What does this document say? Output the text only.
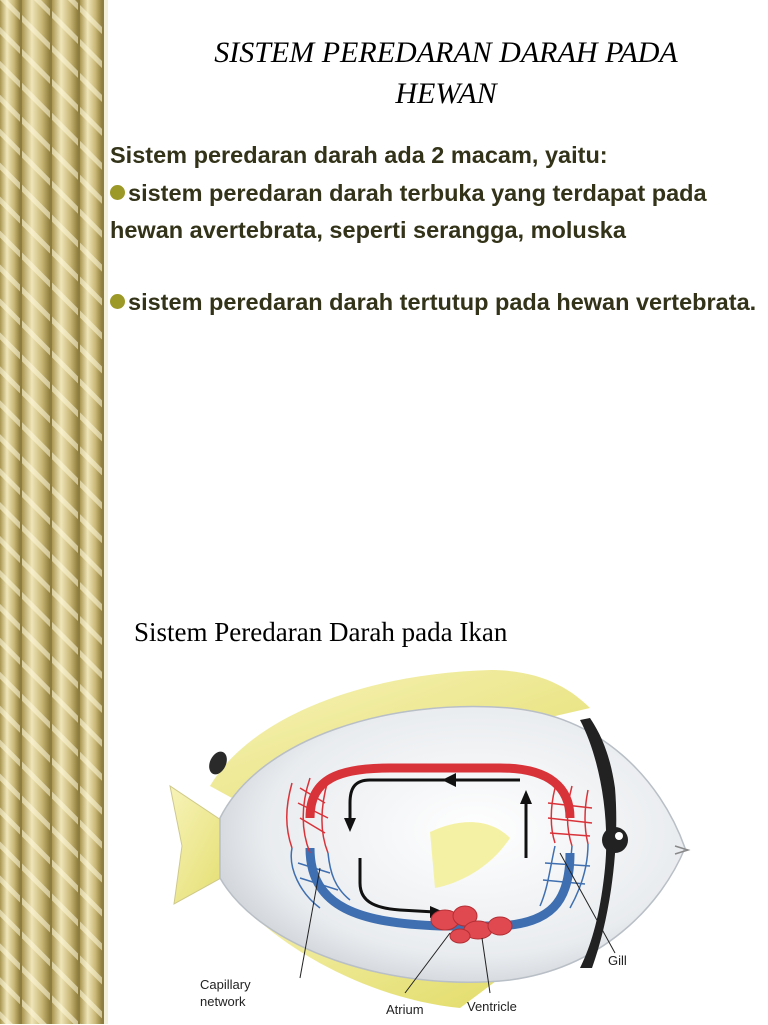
SISTEM PEREDARAN DARAH PADA
HEWAN

Sistem peredaran darah ada 2 macam, yaitu:

sistem peredaran darah terbuka yang terdapat pada hewan avertebrata, seperti serangga, moluska
sistem peredaran darah tertutup pada hewan vertebrata.

Sistem Peredaran Darah pada Ikan

Capillary
network
Atrium	Ventricle
Gill
